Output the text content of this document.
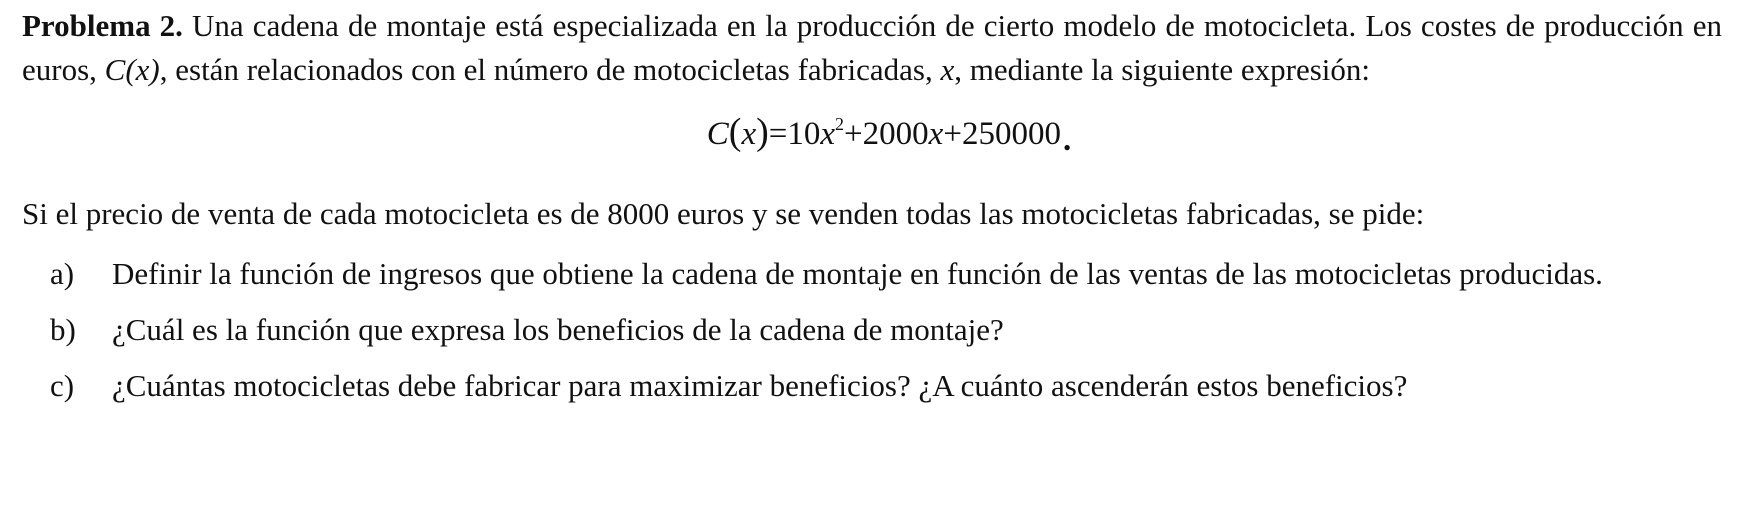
Problema 2. Una cadena de montaje está especializada en la producción de cierto modelo de motocicleta. Los costes de producción en euros, C(x), están relacionados con el número de motocicletas fabricadas, x, mediante la siguiente expresión:

$C(x)=10x^2+2000x+250000$.

Si el precio de venta de cada motocicleta es de 8000 euros y se venden todas las motocicletas fabricadas, se pide:

a)	Definir la función de ingresos que obtiene la cadena de montaje en función de las ventas de las motocicletas producidas.
b)	¿Cuál es la función que expresa los beneficios de la cadena de montaje?
c)	¿Cuántas motocicletas debe fabricar para maximizar beneficios? ¿A cuánto ascenderán estos beneficios?
